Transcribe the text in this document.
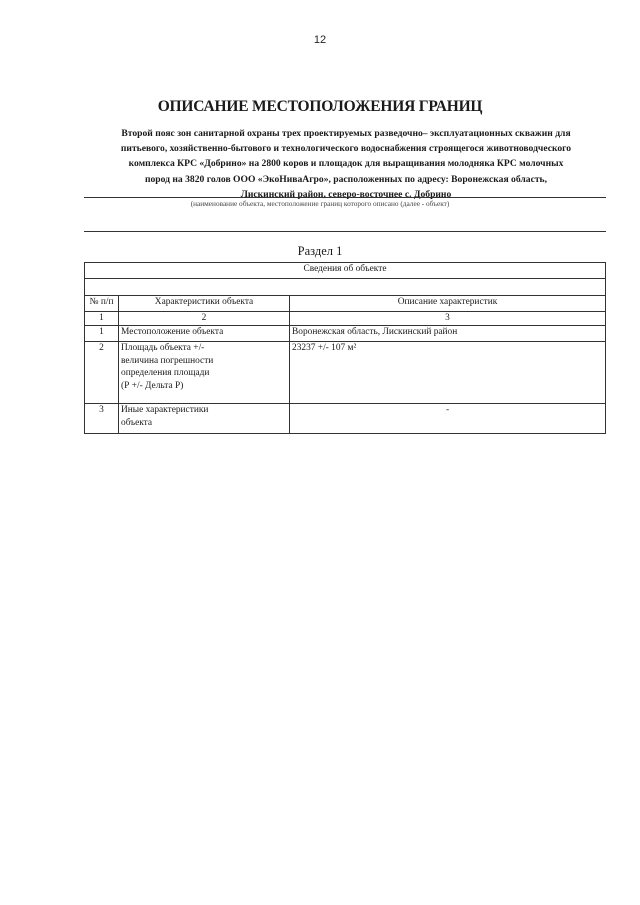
12
ОПИСАНИЕ МЕСТОПОЛОЖЕНИЯ ГРАНИЦ
Второй пояс зон санитарной охраны трех проектируемых разведочно– эксплуатационных скважин для
питьевого, хозяйственно-бытового и технологического водоснабжения строящегося животноводческого
комплекса КРС «Добрино» на 2800 коров и площадок для выращивания молодняка КРС молочных
пород на 3820 голов ООО «ЭкоНиваАгро», расположенных по адресу: Воронежская область,
Лискинский район, северо-восточнее с. Добрино
(наименование объекта, местоположение границ которого описано (далее - объект)
Раздел 1
Сведения об объекте		

№ п/п	Характеристики объекта	Описание характеристик
1	2	3
1	Местоположение объекта	Воронежская область, Лискинский район
2	Площадь объекта +/-
величина погрешности
определения площади
(Р +/- Дельта Р)	23237 +/- 107 м²
3	Иные характеристики
объекта	-
